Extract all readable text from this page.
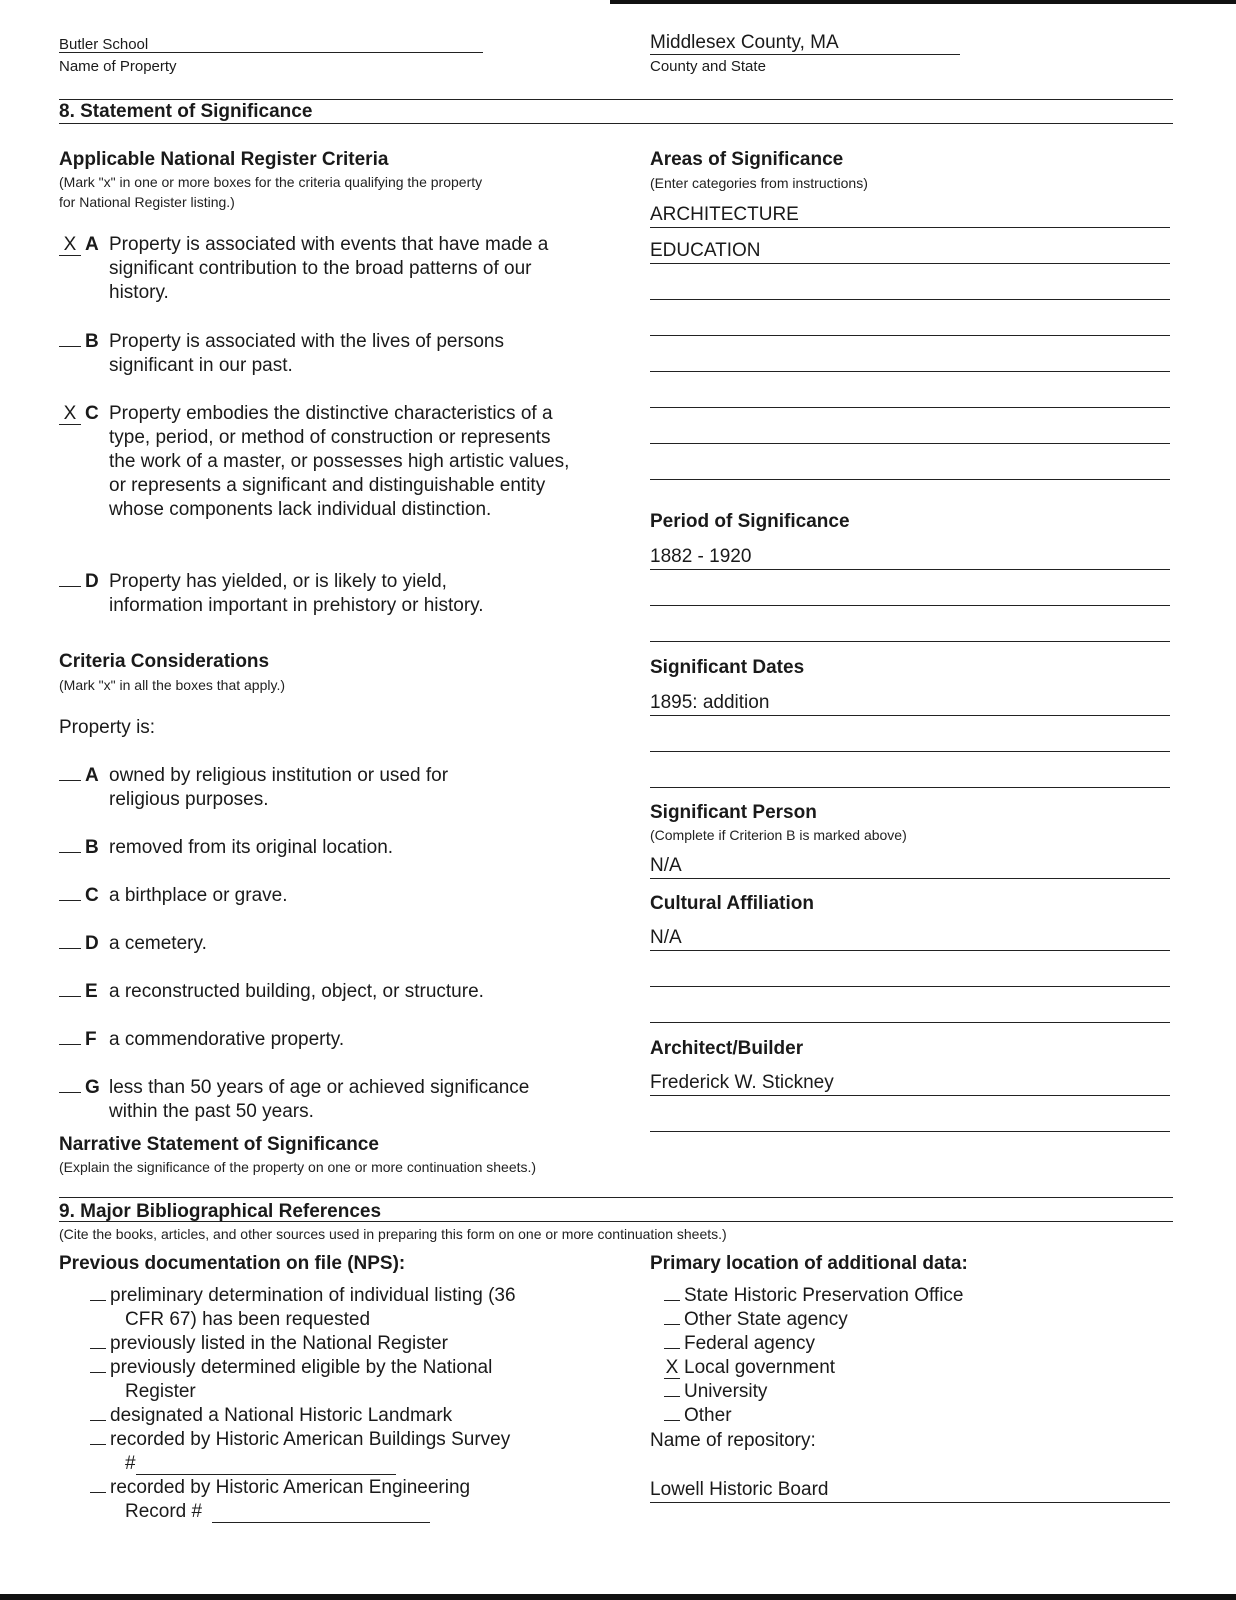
Butler School
Name of Property
Middlesex County, MA
County and State
8. Statement of Significance
Applicable National Register Criteria
(Mark "x" in one or more boxes for the criteria qualifying the property
for National Register listing.)
X A Property is associated with events that have made a significant contribution to the broad patterns of our history.
B Property is associated with the lives of persons significant in our past.
X C Property embodies the distinctive characteristics of a type, period, or method of construction or represents the work of a master, or possesses high artistic values, or represents a significant and distinguishable entity whose components lack individual distinction.
D Property has yielded, or is likely to yield, information important in prehistory or history.
Criteria Considerations
(Mark "x" in all the boxes that apply.)
Property is:
A owned by religious institution or used for religious purposes.
B removed from its original location.
C a birthplace or grave.
D a cemetery.
E a reconstructed building, object, or structure.
F a commendorative property.
G less than 50 years of age or achieved significance within the past 50 years.
Narrative Statement of Significance
(Explain the significance of the property on one or more continuation sheets.)
Areas of Significance
(Enter categories from instructions)
ARCHITECTURE
EDUCATION
Period of Significance
1882 - 1920
Significant Dates
1895: addition
Significant Person
(Complete if Criterion B is marked above)
N/A
Cultural Affiliation
N/A
Architect/Builder
Frederick W. Stickney
9. Major Bibliographical References
(Cite the books, articles, and other sources used in preparing this form on one or more continuation sheets.)
Previous documentation on file (NPS):
preliminary determination of individual listing (36
CFR 67) has been requested
previously listed in the National Register
previously determined eligible by the National
Register
designated a National Historic Landmark
recorded by Historic American Buildings Survey
#
recorded by Historic American Engineering
Record #
Primary location of additional data:
State Historic Preservation Office
Other State agency
Federal agency
X Local government
University
Other
Name of repository:
Lowell Historic Board
